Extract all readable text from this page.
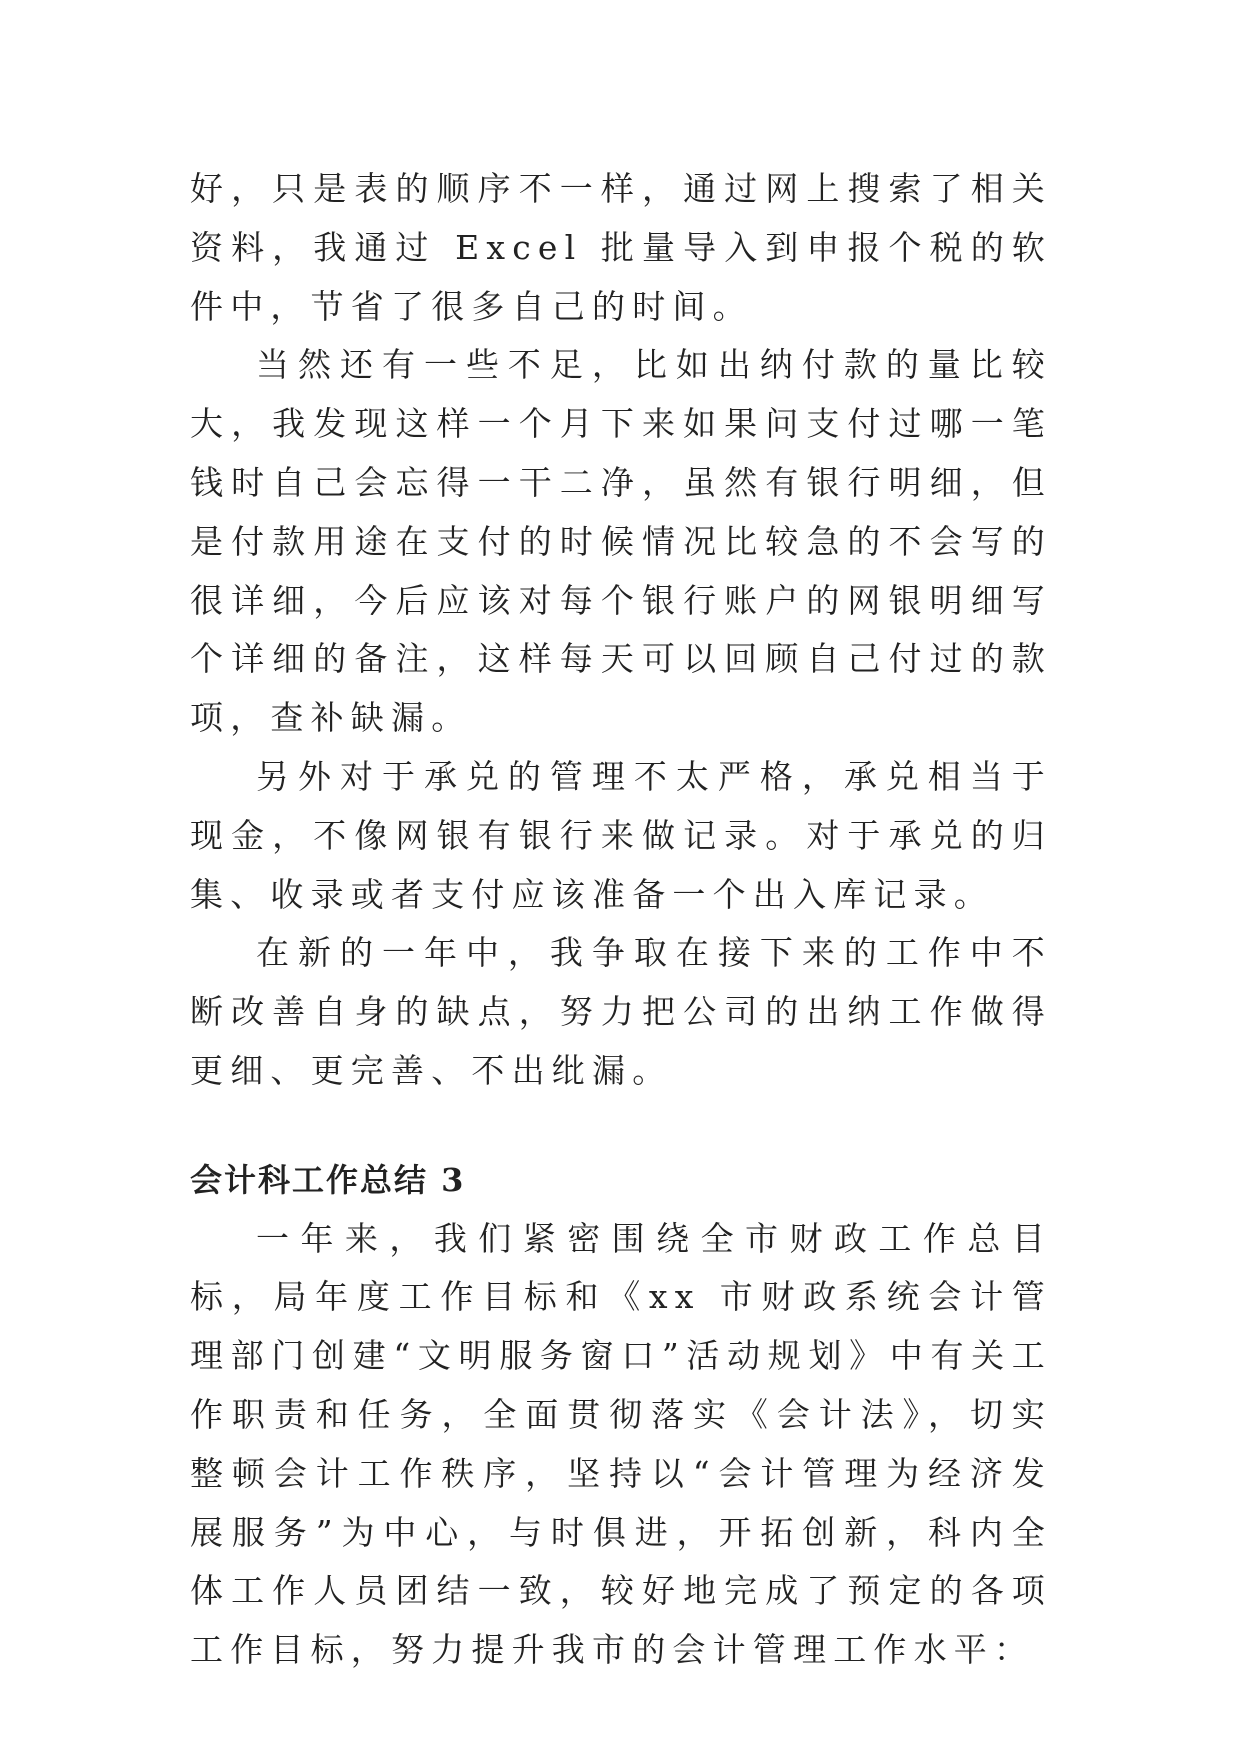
好，只是表的顺序不一样，通过网上搜索了相关资料，我通过 Excel 批量导入到申报个税的软件中，节省了很多自己的时间。

当然还有一些不足，比如出纳付款的量比较大，我发现这样一个月下来如果问支付过哪一笔钱时自己会忘得一干二净，虽然有银行明细，但是付款用途在支付的时候情况比较急的不会写的很详细，今后应该对每个银行账户的网银明细写个详细的备注，这样每天可以回顾自己付过的款项，查补缺漏。

另外对于承兑的管理不太严格，承兑相当于现金，不像网银有银行来做记录。对于承兑的归集、收录或者支付应该准备一个出入库记录。

在新的一年中，我争取在接下来的工作中不断改善自身的缺点，努力把公司的出纳工作做得更细、更完善、不出纰漏。

会计科工作总结 3

一年来，我们紧密围绕全市财政工作总目标，局年度工作目标和《xx 市财政系统会计管理部门创建“文明服务窗口”活动规划》中有关工作职责和任务，全面贯彻落实《会计法》，切实整顿会计工作秩序，坚持以“会计管理为经济发展服务”为中心，与时俱进，开拓创新，科内全体工作人员团结一致，较好地完成了预定的各项工作目标，努力提升我市的会计管理工作水平：
